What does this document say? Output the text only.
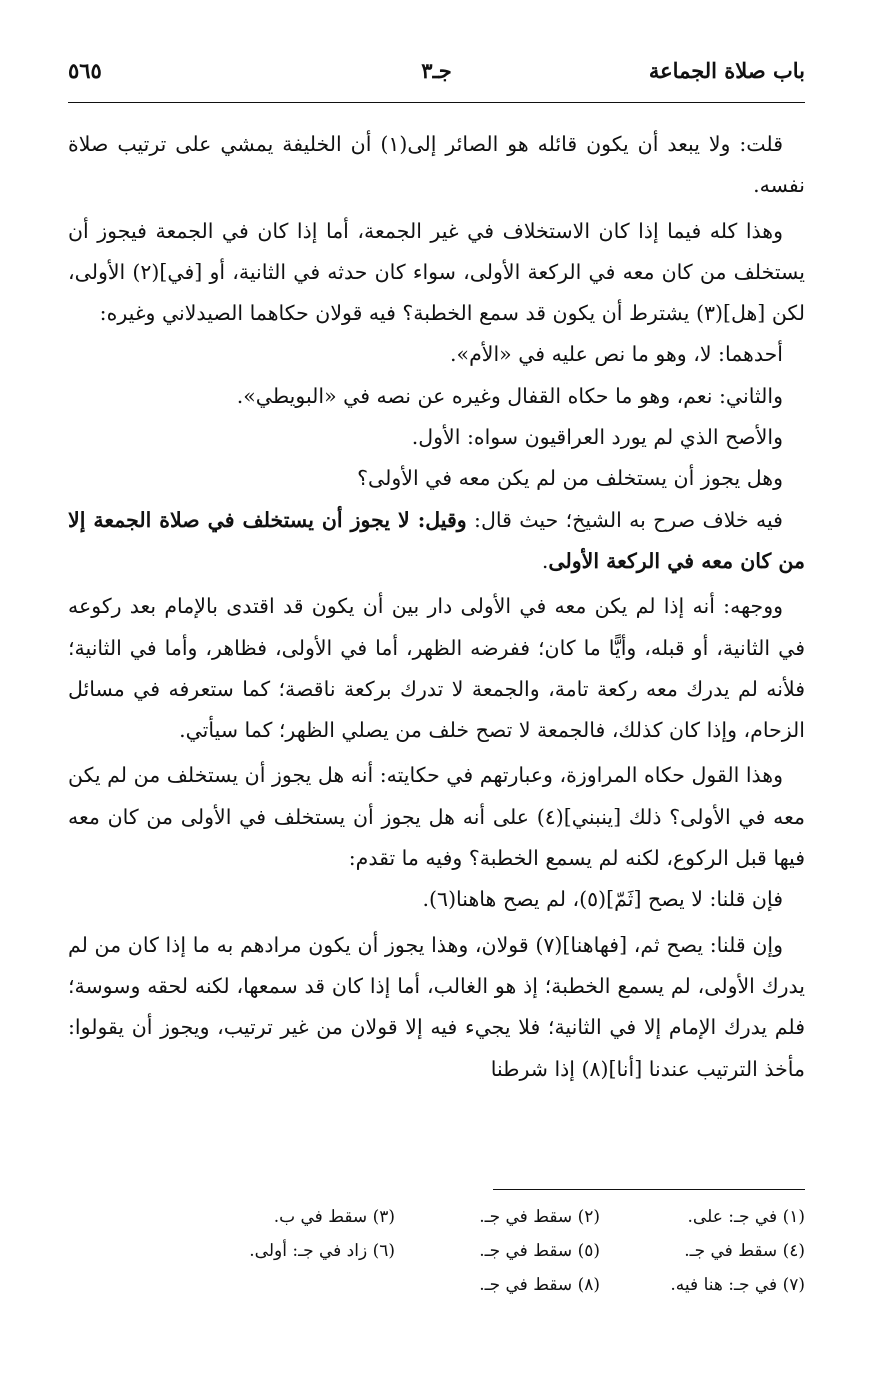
باب صلاة الجماعة
جـ٣
٥٦٥

قلت: ولا يبعد أن يكون قائله هو الصائر إلى(١) أن الخليفة يمشي على ترتيب صلاة نفسه.

وهذا كله فيما إذا كان الاستخلاف في غير الجمعة، أما إذا كان في الجمعة فيجوز أن يستخلف من كان معه في الركعة الأولى، سواء كان حدثه في الثانية، أو [في](٢) الأولى، لكن [هل](٣) يشترط أن يكون قد سمع الخطبة؟ فيه قولان حكاهما الصيدلاني وغيره:

أحدهما: لا، وهو ما نص عليه في «الأم».

والثاني: نعم، وهو ما حكاه القفال وغيره عن نصه في «البويطي».

والأصح الذي لم يورد العراقيون سواه: الأول.

وهل يجوز أن يستخلف من لم يكن معه في الأولى؟

فيه خلاف صرح به الشيخ؛ حيث قال: وقيل: لا يجوز أن يستخلف في صلاة الجمعة إلا من كان معه في الركعة الأولى.

ووجهه: أنه إذا لم يكن معه في الأولى دار بين أن يكون قد اقتدى بالإمام بعد ركوعه في الثانية، أو قبله، وأيًّا ما كان؛ ففرضه الظهر، أما في الأولى، فظاهر، وأما في الثانية؛ فلأنه لم يدرك معه ركعة تامة، والجمعة لا تدرك بركعة ناقصة؛ كما ستعرفه في مسائل الزحام، وإذا كان كذلك، فالجمعة لا تصح خلف من يصلي الظهر؛ كما سيأتي.

وهذا القول حكاه المراوزة، وعبارتهم في حكايته: أنه هل يجوز أن يستخلف من لم يكن معه في الأولى؟ ذلك [ينبني](٤) على أنه هل يجوز أن يستخلف في الأولى من كان معه فيها قبل الركوع، لكنه لم يسمع الخطبة؟ وفيه ما تقدم:

فإن قلنا: لا يصح [ثَمّ](٥)، لم يصح هاهنا(٦).

وإن قلنا: يصح ثم، [فهاهنا](٧) قولان، وهذا يجوز أن يكون مرادهم به ما إذا كان من لم يدرك الأولى، لم يسمع الخطبة؛ إذ هو الغالب، أما إذا كان قد سمعها، لكنه لحقه وسوسة؛ فلم يدرك الإمام إلا في الثانية؛ فلا يجيء فيه إلا قولان من غير ترتيب، ويجوز أن يقولوا: مأخذ الترتيب عندنا [أنا](٨) إذا شرطنا

(١) في جـ: على.
(٢) سقط في جـ.
(٣) سقط في ب.
(٤) سقط في جـ.
(٥) سقط في جـ.
(٦) زاد في جـ: أولى.
(٧) في جـ: هنا فيه.
(٨) سقط في جـ.
